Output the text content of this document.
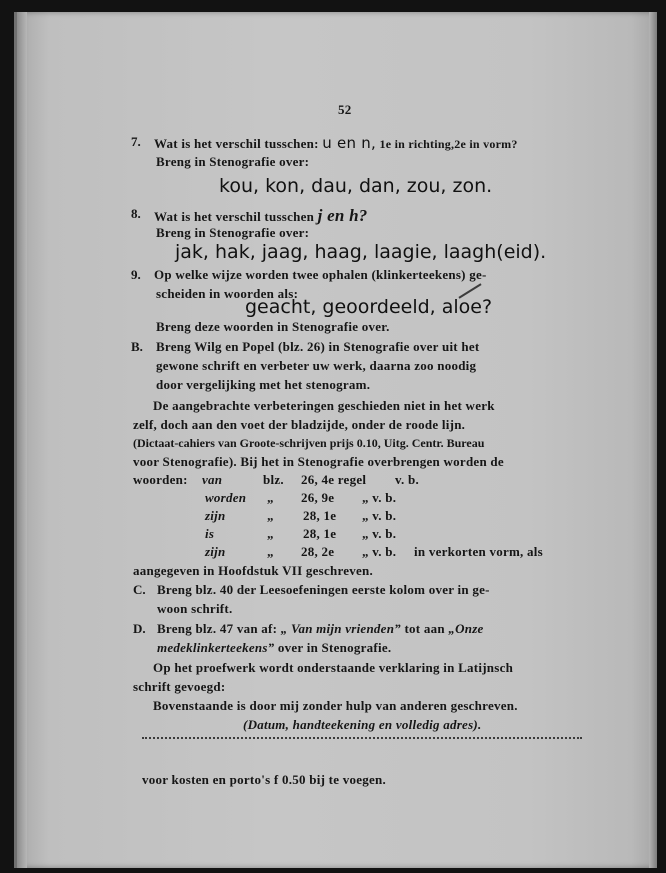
52
7. Wat is het verschil tusschen: u en n, 1e in richting,2e in vorm?
Breng in Stenografie over:
kou, kon, dau, dan, zou, zon.
8. Wat is het verschil tusschen j en h?
Breng in Stenografie over:
jak, hak, jaag, haag, laagie, laagh(eid).
9. Op welke wijze worden twee ophalen (klinkerteekens) ge-
scheiden in woorden als:
geacht, geoordeeld, aloe?
Breng deze woorden in Stenografie over.
B. Breng Wilg en Popel (blz. 26) in Stenografie over uit het
gewone schrift en verbeter uw werk, daarna zoo noodig
door vergelijking met het stenogram.
De aangebrachte verbeteringen geschieden niet in het werk
zelf, doch aan den voet der bladzijde, onder de roode lijn.
(Dictaat-cahiers van Groote-schrijven prijs 0.10, Uitg. Centr. Bureau
voor Stenografie). Bij het in Stenografie overbrengen worden de
woorden: van	blz. 26, 4e regel v. b.
worden „ 26, 9e „ v. b.
zijn	„ 28, 1e „ v. b.
is	„ 28, 1e „ v. b.
zijn	„ 28, 2e „ v. b. in verkorten vorm, als
aangegeven in Hoofdstuk VII geschreven.
C. Breng blz. 40 der Leesoefeningen eerste kolom over in ge-
woon schrift.
D. Breng blz. 47 van af: „ Van mijn vrienden” tot aan „Onze
medeklinkerteekens” over in Stenografie.
Op het proefwerk wordt onderstaande verklaring in Latijnsch
schrift gevoegd:
Bovenstaande is door mij zonder hulp van anderen geschreven.
(Datum, handteekening en volledig adres).
voor kosten en porto's f 0.50 bij te voegen.
